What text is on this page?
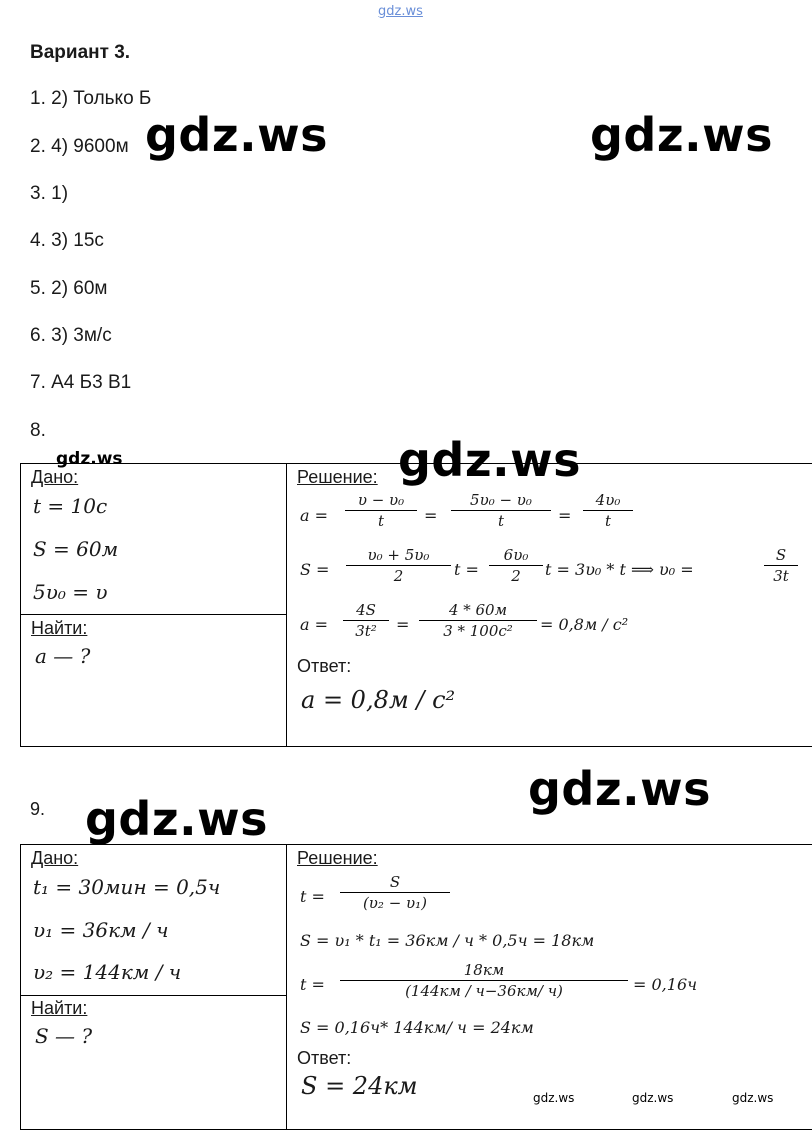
gdz.ws
Вариант 3.
1. 2) Только Б
2. 4) 9600м
3. 1)
4. 3) 15с
5. 2) 60м
6. 3) 3м/с
7. А4 Б3 В1
8.
gdz.ws	gdz.ws
gdz.ws
gdz.ws
gdz.ws
gdz.ws
Дано:
t = 10с
S = 60м
5υ₀ = υ
Найти:
a — ?
Решение:
a =
υ − υ₀
t	=
5υ₀ − υ₀
t	=
4υ₀
t
S =
υ₀ + 5υ₀
2	t =
6υ₀
2	t = 3υ₀ * t ⟹ υ₀ =
S
3t
a =
4S
3t²	=
4 * 60м
3 * 100с²	= 0,8м / с²
Ответ:
a = 0,8м / с²
9.
Дано:
t₁ = 30мин = 0,5ч
υ₁ = 36км / ч
υ₂ = 144км / ч
Найти:
S — ?
Решение:
t =
S
(υ₂ − υ₁)
S = υ₁ * t₁ = 36км / ч * 0,5ч = 18км
t =
18км
(144км / ч−36км/ ч)	= 0,16ч
S = 0,16ч* 144км/ ч = 24км
Ответ:
S = 24км	gdz.ws	gdz.ws	gdz.ws
